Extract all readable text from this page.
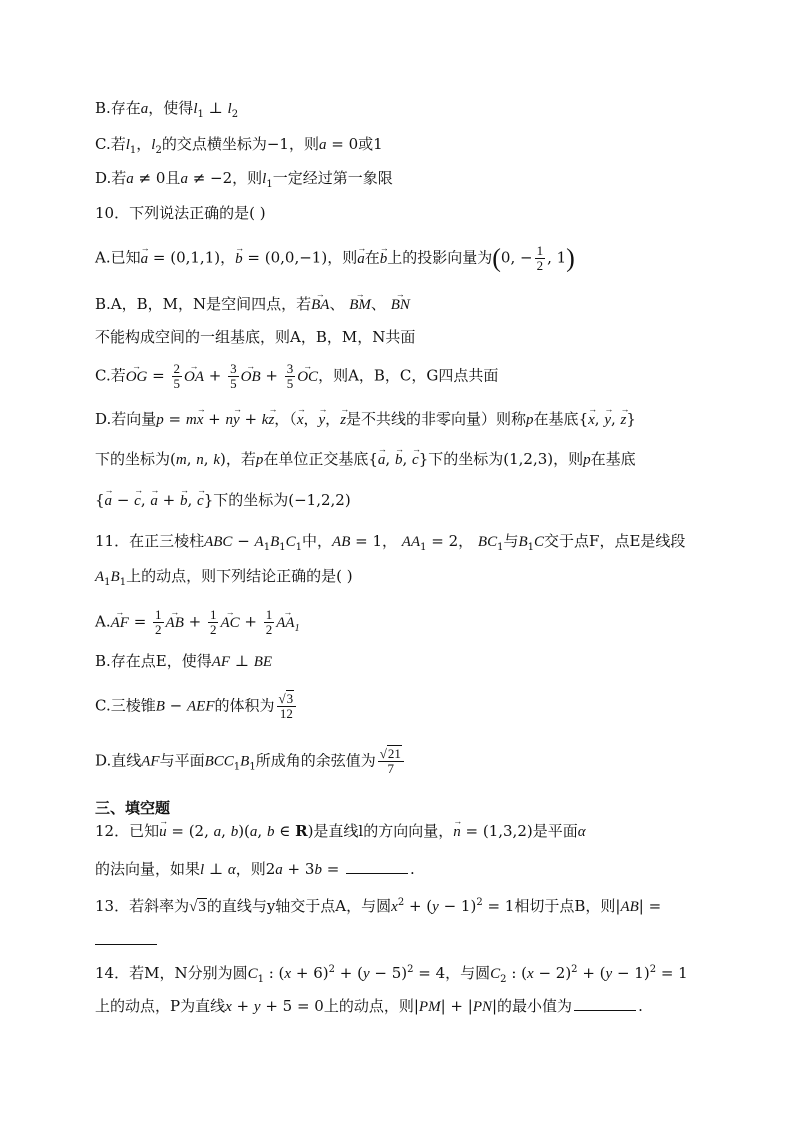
B.存在a，使得$l_1$ ⊥ $l_2$
C.若$l_1$，$l_2$的交点横坐标为−1，则a = 0或1
D.若a ≠ 0且a ≠ −2，则$l_1$一定经过第一象限
10．下列说法正确的是( )
A.已知→ a = (0,1,1)，→ b = (0,0,−1)，则→ a在→ b上的投影向量为(0, − $\frac{1}{2}$ , 1)
B.A，B，M，N是空间四点，若→ BA、 → BM、 → BN
不能构成空间的一组基底，则A，B，M，N共面
C.若→ OG = $\frac{2}{5}$
→ OA + $\frac{3}{5}$
→ OB + $\frac{3}{5}$
→ OC，则A，B，C，G四点共面
D.若向量p = m→ x + n→ y + k→ z，（→ x，→ y，→ z是不共线的非零向量）则称p在基底{→ x, → y, → z}
下的坐标为(m, n, k)，若p在单位正交基底{→ a, → b, → c}下的坐标为(1,2,3)，则p在基底
{→ a − → c, → a + → b, → c}下的坐标为(−1,2,2)
11．在正三棱柱ABC − $A_1B_1C_1$中，AB = 1， $AA_1 = 2$， $BC_1$与$B_1C$交于点F，点E是线段
$A_1B_1$上的动点，则下列结论正确的是( )
A.→ AF = $\frac{1}{2}$
→ AB + $\frac{1}{2}$
→ AC + $\frac{1}{2}$
→ $AA_1$
B.存在点E，使得AF ⊥ BE
C.三棱锥B − AEF的体积为 $\frac{√3}{12}$
D.直线AF与平面$BCC_1B_1$所成角的余弦值为 $\frac{√21}{7}$
三、填空题
12．已知→ u = (2, a, b)(a, b ∈ R)是直线l的方向向量，→ n = (1,3,2)是平面α
的法向量，如果l ⊥ α，则2a + 3b =	.
13．若斜率为√3的直线与y轴交于点A，与圆$x^2 + (y - 1)^2 = 1$相切于点B，则|AB| =
14．若M，N分别为圆$C_1$ : $(x + 6)^2 + (y - 5)^2 = 4$，与圆$C_2$ : $(x - 2)^2 + (y - 1)^2 = 1$
上的动点，P为直线x + y + 5 = 0上的动点，则|PM| + |PN|的最小值为	.
